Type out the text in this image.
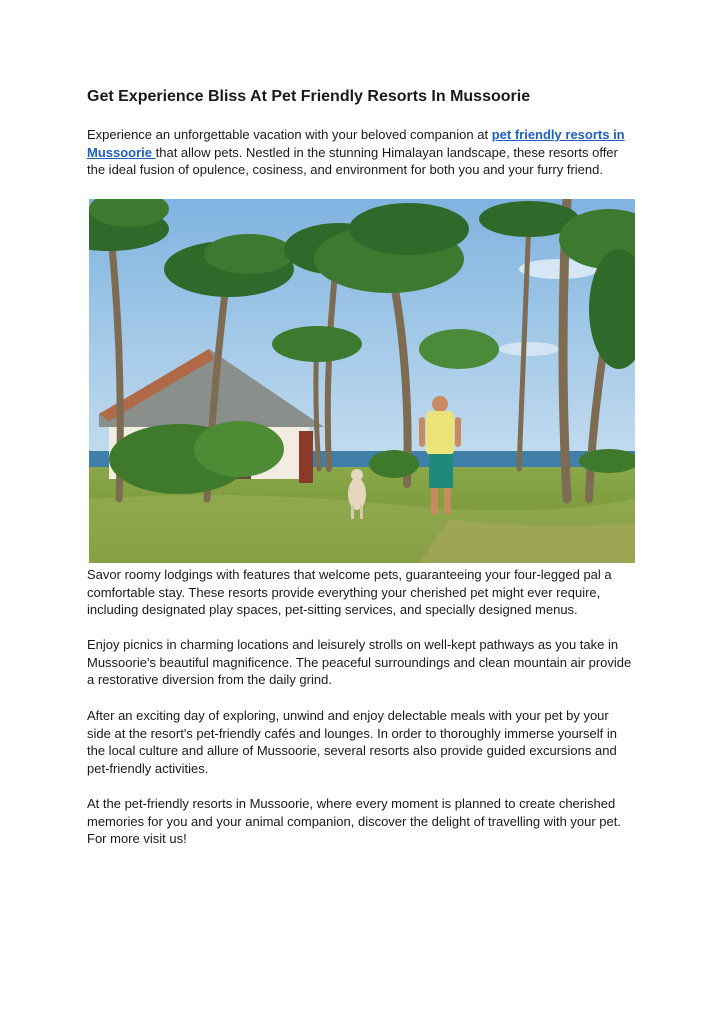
Get Experience Bliss At Pet Friendly Resorts In Mussoorie

Experience an unforgettable vacation with your beloved companion at pet friendly resorts in Mussoorie that allow pets. Nestled in the stunning Himalayan landscape, these resorts offer the ideal fusion of opulence, cosiness, and environment for both you and your furry friend.

Savor roomy lodgings with features that welcome pets, guaranteeing your four-legged pal a comfortable stay. These resorts provide everything your cherished pet might ever require, including designated play spaces, pet-sitting services, and specially designed menus.

Enjoy picnics in charming locations and leisurely strolls on well-kept pathways as you take in Mussoorie's beautiful magnificence. The peaceful surroundings and clean mountain air provide a restorative diversion from the daily grind.

After an exciting day of exploring, unwind and enjoy delectable meals with your pet by your side at the resort's pet-friendly cafés and lounges. In order to thoroughly immerse yourself in the local culture and allure of Mussoorie, several resorts also provide guided excursions and pet-friendly activities.

At the pet-friendly resorts in Mussoorie, where every moment is planned to create cherished memories for you and your animal companion, discover the delight of travelling with your pet. For more visit us!
